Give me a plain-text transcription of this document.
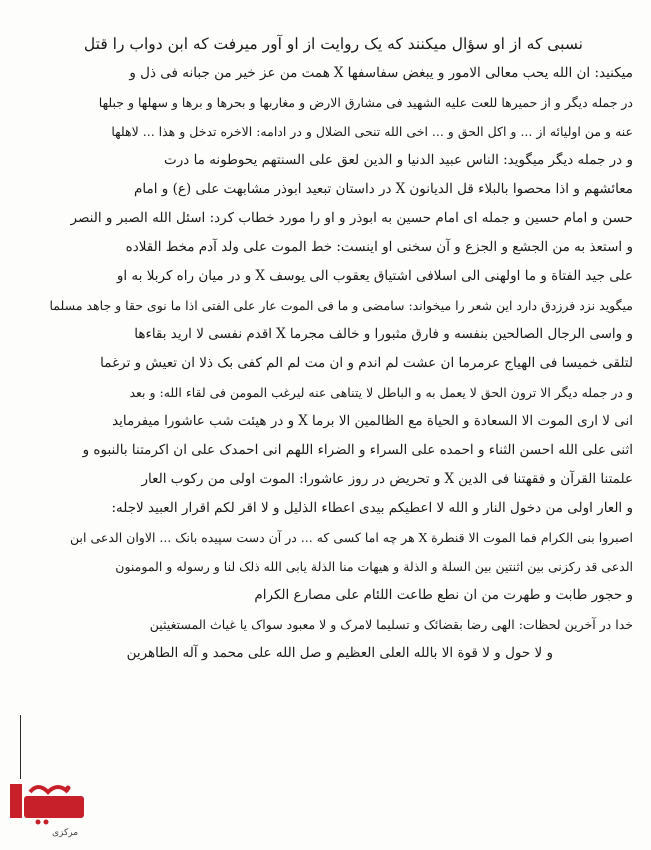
نسبی که از او سؤال میکنند که یک روایت از او آور میرفت که ابن دواب را قتل
میکنید: ان الله یحب معالی الامور و یبغض سفاسفها X همت من عز خیر من جبانه فی ذل و
در جمله دیگر و از حمیرها للعت علیه الشهید فی مشارق الارض و مغاربها و بحرها و برها و سهلها و جبلها
عنه و من اولیائه از ... و اکل الحق و ... اخی الله تنحی الضلال و در ادامه: الاخره تدخل و هذا ... لاهلها
و در جمله دیگر میگوید: الناس عبید الدنیا و الدین لعق علی السنتهم یحوطونه ما درت
معائشهم و اذا محصوا بالبلاء قل الدیانون X در داستان تبعید ابوذر مشابهت علی (ع) و امام
حسن و امام حسین و جمله ای امام حسین به ابوذر و او را مورد خطاب کرد: اسئل الله الصبر و النصر
و استعذ به من الجشع و الجزع و آن سخنی او اینست: خط الموت علی ولد آدم مخط القلاده
علی جید الفتاة و ما اولهنی الی اسلافی اشتیاق یعقوب الی یوسف X و در میان راه کربلا به او
میگوید نزد فرزدق دارد این شعر را میخواند: سامضی و ما فی الموت عار علی الفتی اذا ما نوی حقا و جاهد مسلما
و واسی الرجال الصالحین بنفسه و فارق مثبورا و خالف مجرما X اقدم نفسی لا ارید بقاءها
لتلقی خمیسا فی الهیاج عرمرما ان عشت لم اندم و ان مت لم الم کفی بک ذلا ان تعیش و ترغما
و در جمله دیگر الا ترون الحق لا یعمل به و الباطل لا یتناهی عنه لیرغب المومن فی لقاء الله: و بعد
انی لا اری الموت الا السعادة و الحیاة مع الظالمین الا برما X و در هیئت شب عاشورا میفرماید
اثنی علی الله احسن الثناء و احمده علی السراء و الضراء اللهم انی احمدک علی ان اکرمتنا بالنبوه و
علمتنا القرآن و فقهتنا فی الدین X و تحریض در روز عاشورا: الموت اولی من رکوب العار
و العار اولی من دخول النار و الله لا اعطیکم بیدی اعطاء الذلیل و لا اقر لکم اقرار العبید لاجله:
اصبروا بنی الکرام فما الموت الا قنطرة X هر چه اما کسی که ... در آن دست سپیده بانک ... الاوان الدعی ابن
الدعی قد رکزنی بین اثنتین بین السلة و الذلة و هیهات منا الذلة یابی الله ذلک لنا و رسوله و المومنون
و حجور طابت و طهرت من ان نطع طاعت اللئام علی مصارع الکرام
خدا در آخرین لحظات: الهی رضا بقضائک و تسلیما لامرک و لا معبود سواک یا غیاث المستغیثین
و لا حول و لا قوة الا بالله العلی العظیم و صل الله علی محمد و آله الطاهرین
مرکزی
